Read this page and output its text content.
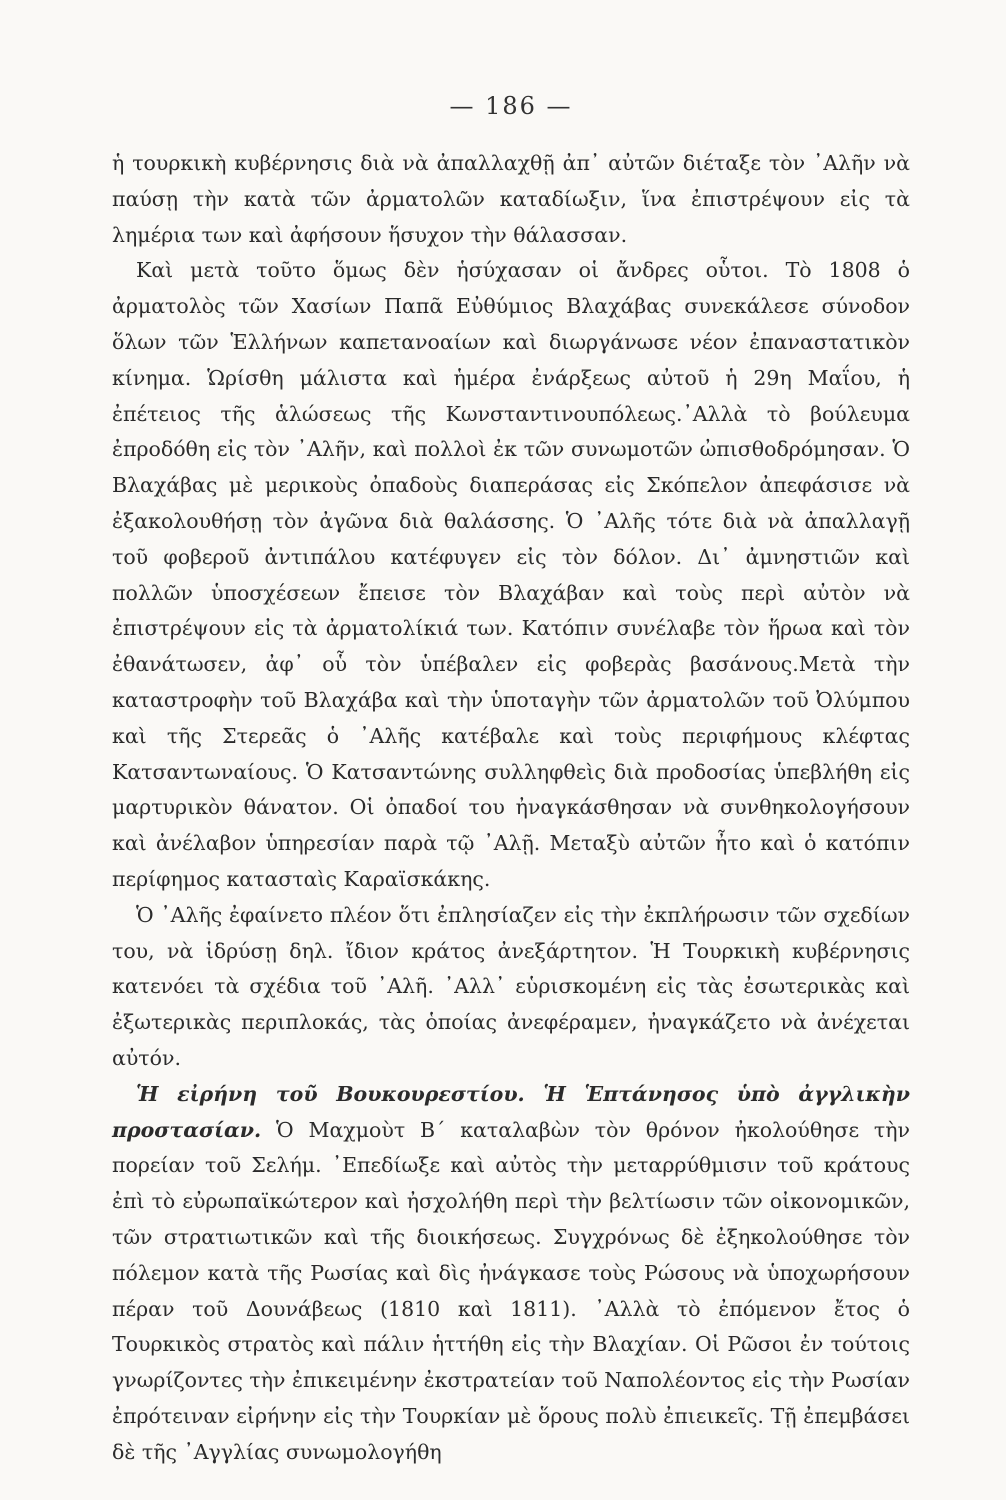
— 186 —

ἡ τουρκικὴ κυβέρνησις διὰ νὰ ἀπαλλαχθῇ ἀπ᾿ αὐτῶν διέταξε τὸν ᾿Αλῆν νὰ παύσῃ τὴν κατὰ τῶν ἀρματολῶν καταδίωξιν, ἵνα ἐπιστρέψουν εἰς τὰ λημέρια των καὶ ἀφήσουν ἥσυχον τὴν θάλασσαν.

Καὶ μετὰ τοῦτο ὅμως δὲν ἡσύχασαν οἱ ἄνδρες οὗτοι. Τὸ 1808 ὁ ἀρματολὸς τῶν Χασίων Παπᾶ Εὐθύμιος Βλαχάβας συνεκάλεσε σύνοδον ὅλων τῶν Ἑλλήνων καπετανοαίων καὶ διωργάνωσε νέον ἐπαναστατικὸν κίνημα. Ὡρίσθη μάλιστα καὶ ἡμέρα ἐνάρξεως αὐτοῦ ἡ 29η Μαΐου, ἡ ἐπέτειος τῆς ἁλώσεως τῆς Κωνσταντινουπόλεως.᾿Αλλὰ τὸ βούλευμα ἐπροδόθη εἰς τὸν ᾿Αλῆν, καὶ πολλοὶ ἐκ τῶν συνωμοτῶν ὠπισθοδρόμησαν. Ὁ Βλαχάβας μὲ μερικοὺς ὀπαδοὺς διαπεράσας εἰς Σκόπελον ἀπεφάσισε νὰ ἐξακολουθήσῃ τὸν ἀγῶνα διὰ θαλάσσης. Ὁ ᾿Αλῆς τότε διὰ νὰ ἀπαλλαγῇ τοῦ φοβεροῦ ἀντιπάλου κατέφυγεν εἰς τὸν δόλον. Δι᾿ ἀμνηστιῶν καὶ πολλῶν ὑποσχέσεων ἔπεισε τὸν Βλαχάβαν καὶ τοὺς περὶ αὐτὸν νὰ ἐπιστρέψουν εἰς τὰ ἀρματολίκιά των. Κατόπιν συνέλαβε τὸν ἥρωα καὶ τὸν ἐθανάτωσεν, ἀφ᾿ οὗ τὸν ὑπέβαλεν εἰς φοβερὰς βασάνους.Μετὰ τὴν καταστροφὴν τοῦ Βλαχάβα καὶ τὴν ὑποταγὴν τῶν ἀρματολῶν τοῦ Ὀλύμπου καὶ τῆς Στερεᾶς ὁ ᾿Αλῆς κατέβαλε καὶ τοὺς περιφήμους κλέφτας Κατσαντωναίους. Ὁ Κατσαντώνης συλληφθεὶς διὰ προδοσίας ὑπεβλήθη εἰς μαρτυρικὸν θάνατον. Οἱ ὀπαδοί του ἠναγκάσθησαν νὰ συνθηκολογήσουν καὶ ἀνέλαβον ὑπηρεσίαν παρὰ τῷ ᾿Αλῇ. Μεταξὺ αὐτῶν ἦτο καὶ ὁ κατόπιν περίφημος κατασταὶς Καραϊσκάκης.

Ὁ ᾿Αλῆς ἐφαίνετο πλέον ὅτι ἐπλησίαζεν εἰς τὴν ἐκπλήρωσιν τῶν σχεδίων του, νὰ ἱδρύσῃ δηλ. ἴδιον κράτος ἀνεξάρτητον. Ἡ Τουρκικὴ κυβέρνησις κατενόει τὰ σχέδια τοῦ ᾿Αλῆ. ᾿Αλλ᾿ εὑρισκομένη εἰς τὰς ἐσωτερικὰς καὶ ἐξωτερικὰς περιπλοκάς, τὰς ὁποίας ἀνεφέραμεν, ἠναγκάζετο νὰ ἀνέχεται αὐτόν.

Ἡ εἰρήνη τοῦ Βουκουρεστίου. Ἡ Ἑπτάνησος ὑπὸ ἀγγλικὴν προστασίαν. Ὁ Μαχμοὺτ Β΄ καταλαβὼν τὸν θρόνον ἠκολούθησε τὴν πορείαν τοῦ Σελήμ. ᾿Επεδίωξε καὶ αὐτὸς τὴν μεταρρύθμισιν τοῦ κράτους ἐπὶ τὸ εὐρωπαϊκώτερον καὶ ἠσχολήθη περὶ τὴν βελτίωσιν τῶν οἰκονομικῶν, τῶν στρατιωτικῶν καὶ τῆς διοικήσεως. Συγχρόνως δὲ ἐξηκολούθησε τὸν πόλεμον κατὰ τῆς Ρωσίας καὶ δὶς ἠνάγκασε τοὺς Ρώσους νὰ ὑποχωρήσουν πέραν τοῦ Δουνάβεως (1810 καὶ 1811). ᾿Αλλὰ τὸ ἐπόμενον ἔτος ὁ Τουρκικὸς στρατὸς καὶ πάλιν ἡττήθη εἰς τὴν Βλαχίαν. Οἱ Ρῶσοι ἐν τούτοις γνωρίζοντες τὴν ἐπικειμένην ἐκστρατείαν τοῦ Ναπολέοντος εἰς τὴν Ρωσίαν ἐπρότειναν εἰρήνην εἰς τὴν Τουρκίαν μὲ ὅρους πολὺ ἐπιεικεῖς. Τῇ ἐπεμβάσει δὲ τῆς ᾿Αγγλίας συνωμολογήθη
